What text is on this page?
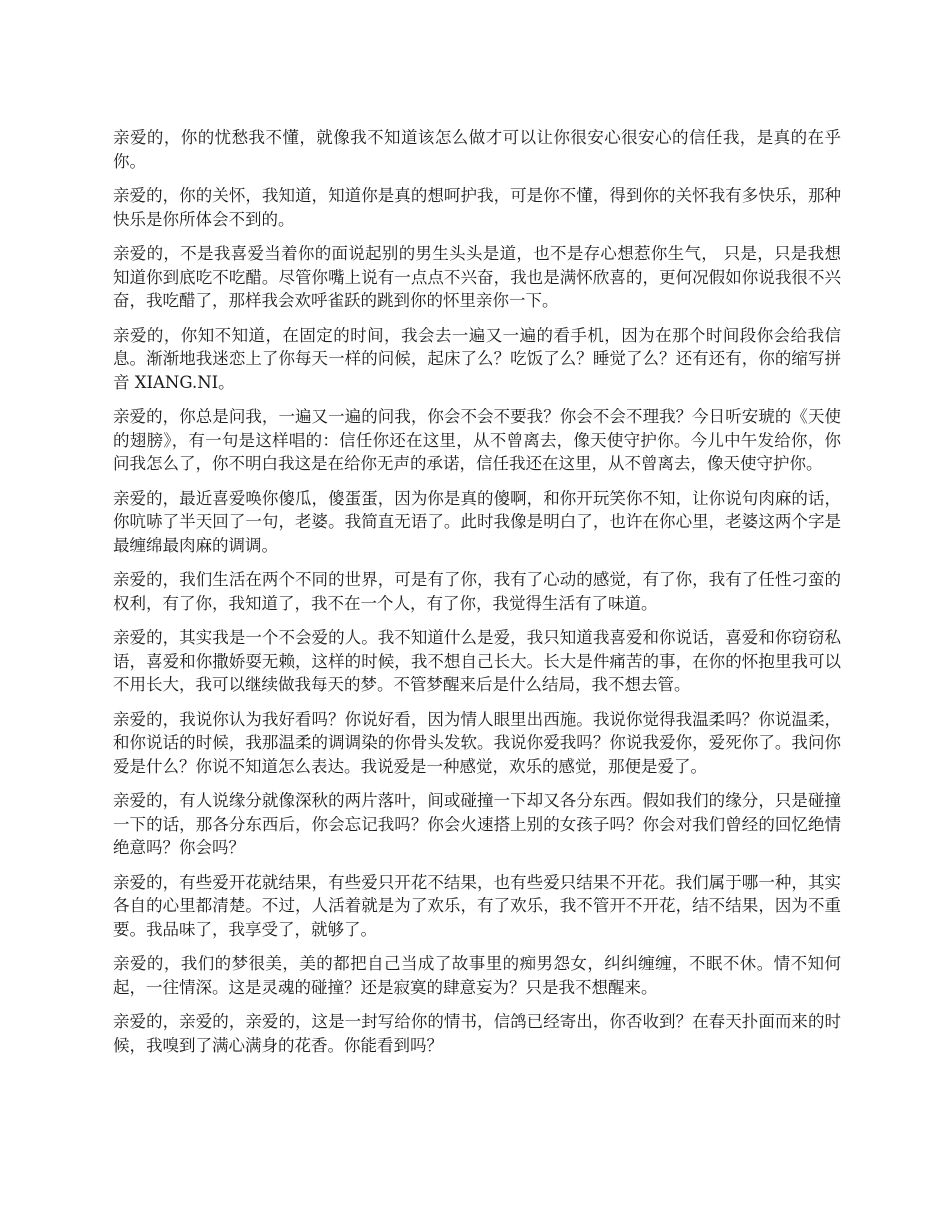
亲爱的，你的忧愁我不懂，就像我不知道该怎么做才可以让你很安心很安心的信任我，是真的在乎你。

亲爱的，你的关怀，我知道，知道你是真的想呵护我，可是你不懂，得到你的关怀我有多快乐，那种快乐是你所体会不到的。

亲爱的，不是我喜爱当着你的面说起别的男生头头是道，也不是存心想惹你生气， 只是，只是我想知道你到底吃不吃醋。尽管你嘴上说有一点点不兴奋，我也是满怀欣喜的，更何况假如你说我很不兴奋，我吃醋了，那样我会欢呼雀跃的跳到你的怀里亲你一下。

亲爱的，你知不知道，在固定的时间，我会去一遍又一遍的看手机，因为在那个时间段你会给我信息。渐渐地我迷恋上了你每天一样的问候，起床了么？吃饭了么？睡觉了么？还有还有，你的缩写拼音 XIANG.NI。

亲爱的，你总是问我，一遍又一遍的问我，你会不会不要我？你会不会不理我？今日听安琥的《天使的翅膀》，有一句是这样唱的：信任你还在这里，从不曾离去，像天使守护你。今儿中午发给你，你问我怎么了，你不明白我这是在给你无声的承诺，信任我还在这里，从不曾离去，像天使守护你。

亲爱的，最近喜爱唤你傻瓜，傻蛋蛋，因为你是真的傻啊，和你开玩笑你不知，让你说句肉麻的话，你吭哧了半天回了一句，老婆。我简直无语了。此时我像是明白了，也许在你心里，老婆这两个字是最缠绵最肉麻的调调。

亲爱的，我们生活在两个不同的世界，可是有了你，我有了心动的感觉，有了你，我有了任性刁蛮的权利，有了你，我知道了，我不在一个人，有了你，我觉得生活有了味道。

亲爱的，其实我是一个不会爱的人。我不知道什么是爱，我只知道我喜爱和你说话，喜爱和你窃窃私语，喜爱和你撒娇耍无赖，这样的时候，我不想自己长大。长大是件痛苦的事，在你的怀抱里我可以不用长大，我可以继续做我每天的梦。不管梦醒来后是什么结局，我不想去管。

亲爱的，我说你认为我好看吗？你说好看，因为情人眼里出西施。我说你觉得我温柔吗？你说温柔，和你说话的时候，我那温柔的调调染的你骨头发软。我说你爱我吗？你说我爱你，爱死你了。我问你爱是什么？你说不知道怎么表达。我说爱是一种感觉，欢乐的感觉，那便是爱了。

亲爱的，有人说缘分就像深秋的两片落叶，间或碰撞一下却又各分东西。假如我们的缘分，只是碰撞一下的话，那各分东西后，你会忘记我吗？你会火速搭上别的女孩子吗？你会对我们曾经的回忆绝情绝意吗？你会吗？

亲爱的，有些爱开花就结果，有些爱只开花不结果，也有些爱只结果不开花。我们属于哪一种，其实各自的心里都清楚。不过，人活着就是为了欢乐，有了欢乐，我不管开不开花，结不结果，因为不重要。我品味了，我享受了，就够了。

亲爱的，我们的梦很美，美的都把自己当成了故事里的痴男怨女，纠纠缠缠，不眠不休。情不知何起，一往情深。这是灵魂的碰撞？还是寂寞的肆意妄为？只是我不想醒来。

亲爱的，亲爱的，亲爱的，这是一封写给你的情书，信鸽已经寄出，你否收到？在春天扑面而来的时候，我嗅到了满心满身的花香。你能看到吗？
